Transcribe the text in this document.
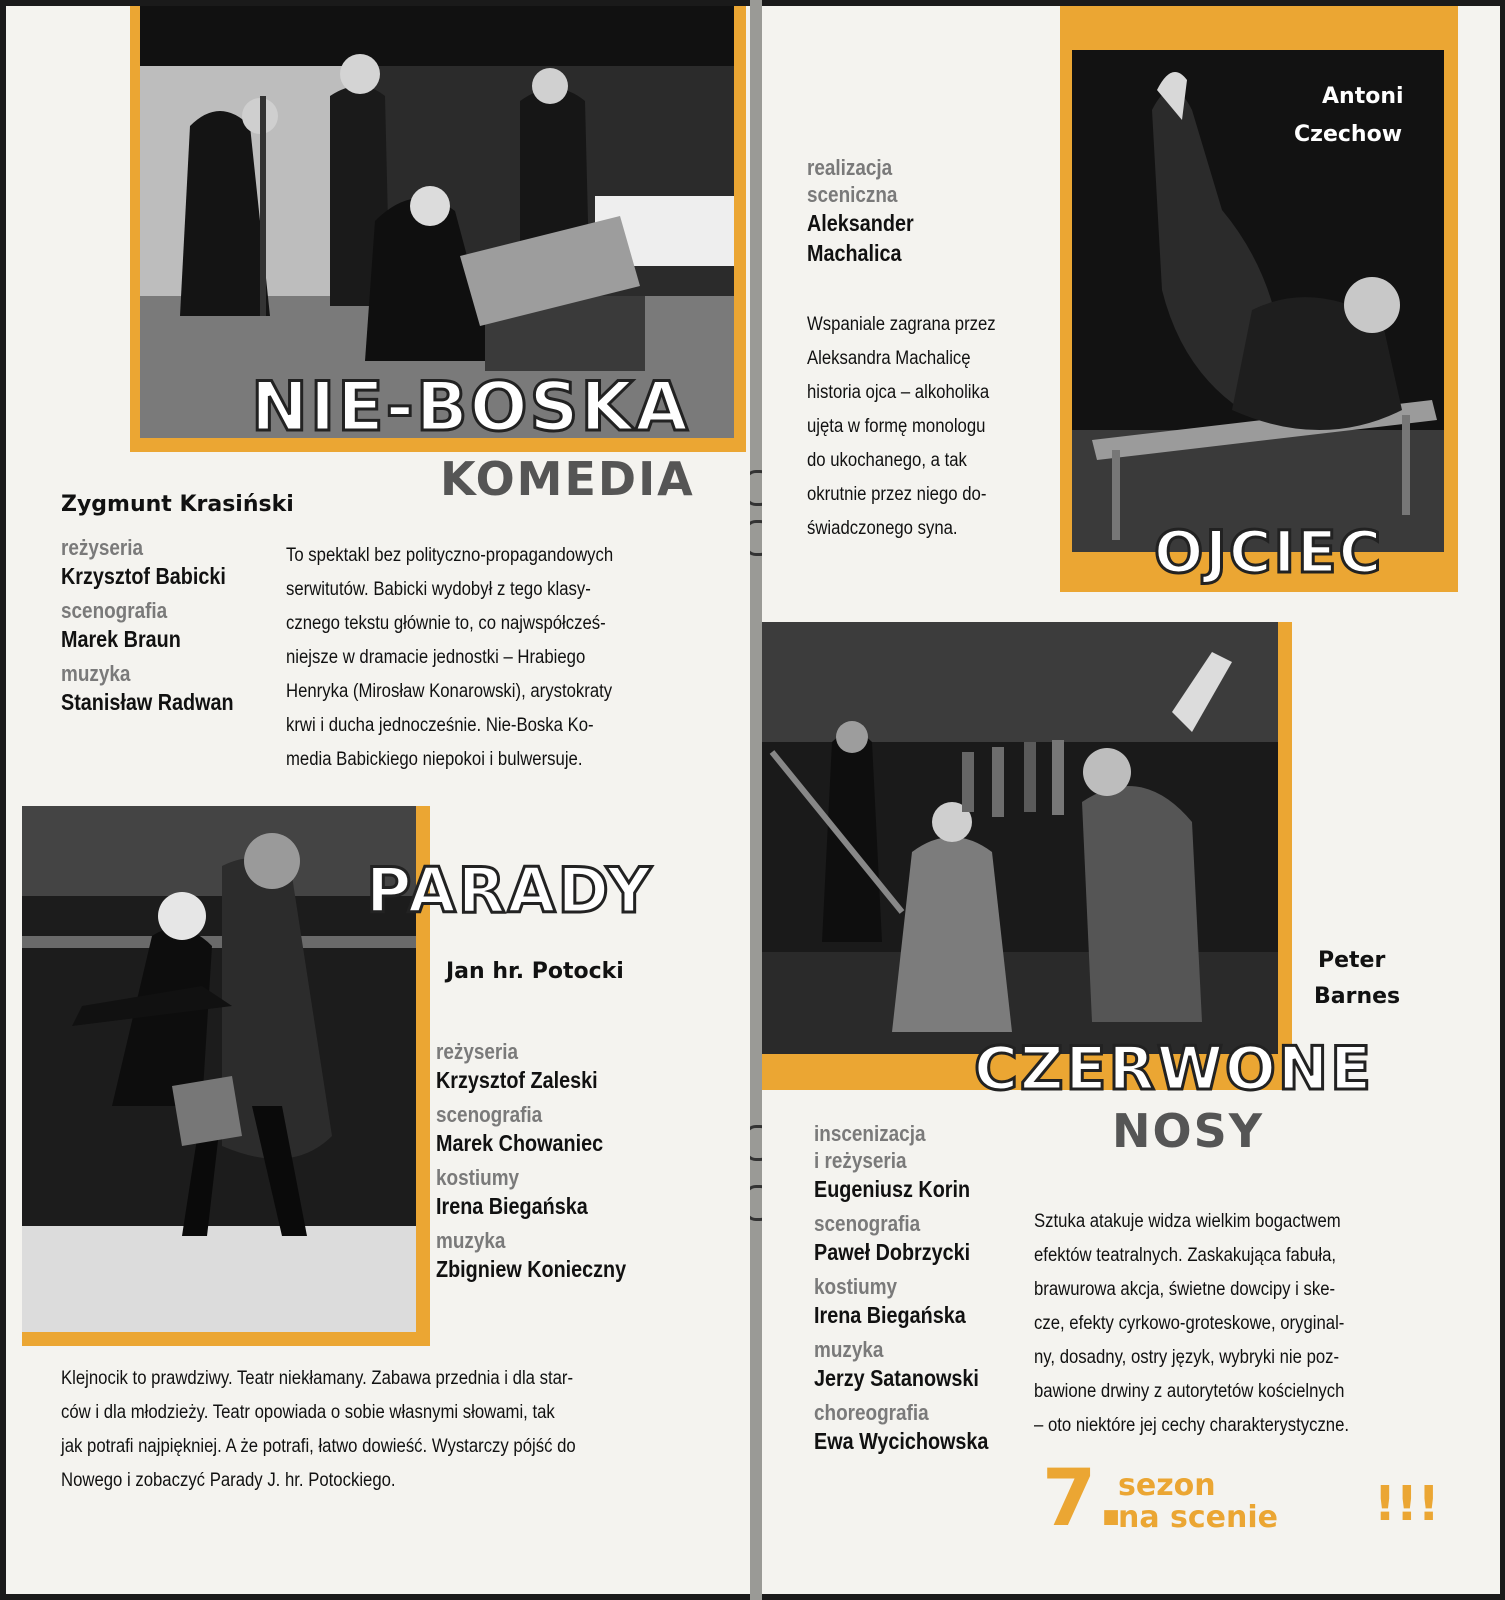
NIE-BOSKA
KOMEDIA
Zygmunt Krasiński
reżyseria
Krzysztof Babicki
scenografia
Marek Braun
muzyka
Stanisław Radwan
To spektakl bez polityczno-propagandowych
serwitutów. Babicki wydobył z tego klasy-
cznego tekstu głównie to, co najwspółcześ-
niejsze w dramacie jednostki – Hrabiego
Henryka (Mirosław Konarowski), arystokraty
krwi i ducha jednocześnie. Nie-Boska Ko-
media Babickiego niepokoi i bulwersuje.
PARADY
Jan hr. Potocki
reżyseria
Krzysztof Zaleski
scenografia
Marek Chowaniec
kostiumy
Irena Biegańska
muzyka
Zbigniew Konieczny
Klejnocik to prawdziwy. Teatr niekłamany. Zabawa przednia i dla star-
ców i dla młodzieży. Teatr opowiada o sobie własnymi słowami, tak
jak potrafi najpiękniej. A że potrafi, łatwo dowieść. Wystarczy pójść do
Nowego i zobaczyć Parady J. hr. Potockiego.
Antoni
Czechow
OJCIEC
realizacja
sceniczna
Aleksander
Machalica
Wspaniale zagrana przez
Aleksandra Machalicę
historia ojca – alkoholika
ujęta w formę monologu
do ukochanego, a tak
okrutnie przez niego do-
świadczonego syna.
Peter
Barnes
CZERWONE
NOSY
inscenizacja
i reżyseria
Eugeniusz Korin
scenografia
Paweł Dobrzycki
kostiumy
Irena Biegańska
muzyka
Jerzy Satanowski
choreografia
Ewa Wycichowska
Sztuka atakuje widza wielkim bogactwem
efektów teatralnych. Zaskakująca fabuła,
brawurowa akcja, świetne dowcipy i ske-
cze, efekty cyrkowo-groteskowe, oryginal-
ny, dosadny, ostry język, wybryki nie poz-
bawione drwiny z autorytetów kościelnych
– oto niektóre jej cechy charakterystyczne.
7.
sezon
na scenie !!!
